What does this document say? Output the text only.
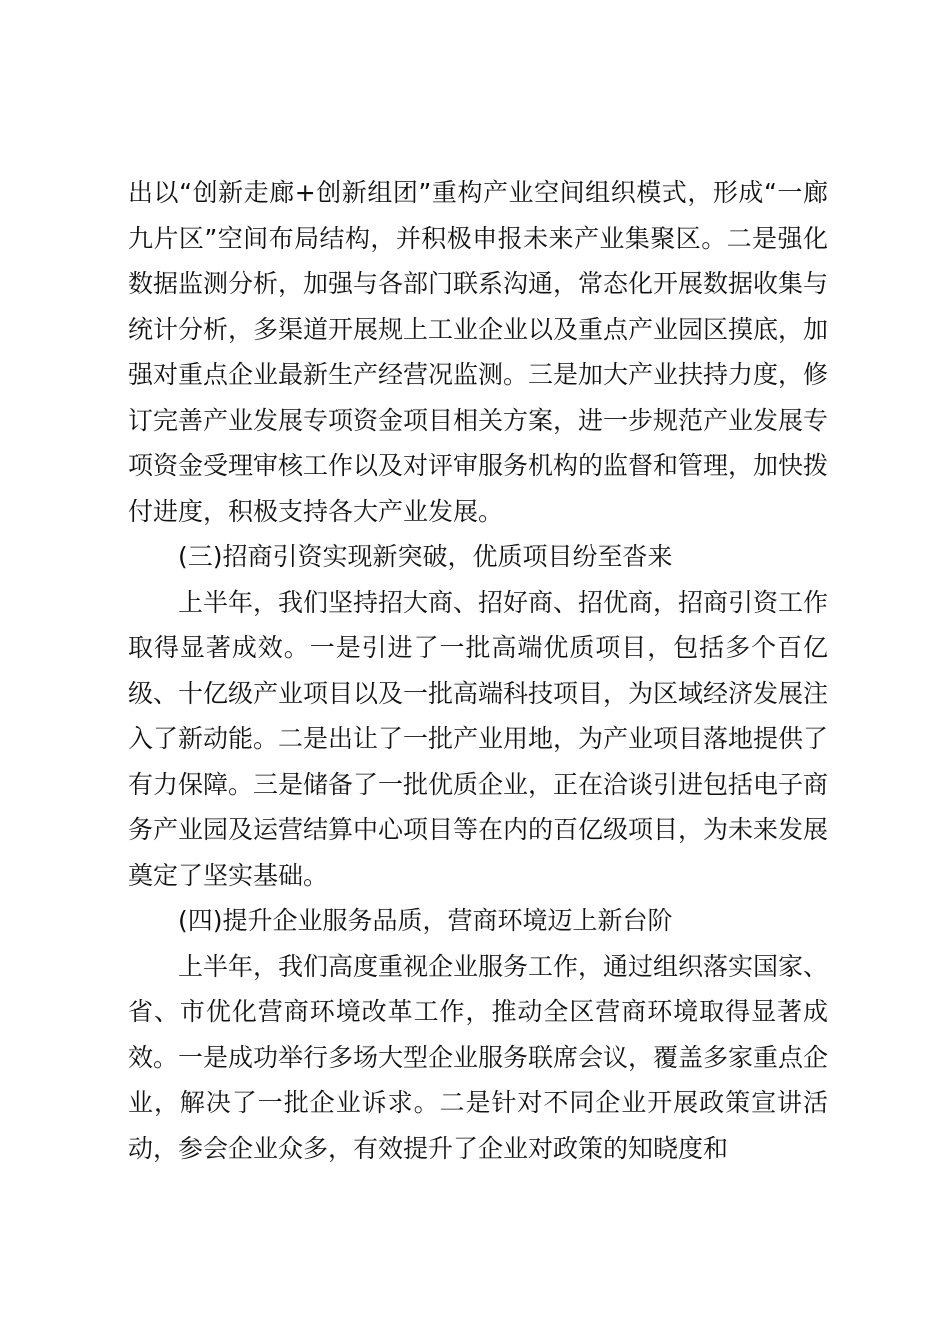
出以“创新走廊+创新组团”重构产业空间组织模式，形成“一廊九片区”空间布局结构，并积极申报未来产业集聚区。二是强化数据监测分析，加强与各部门联系沟通，常态化开展数据收集与统计分析，多渠道开展规上工业企业以及重点产业园区摸底，加强对重点企业最新生产经营况监测。三是加大产业扶持力度，修订完善产业发展专项资金项目相关方案，进一步规范产业发展专项资金受理审核工作以及对评审服务机构的监督和管理，加快拨付进度，积极支持各大产业发展。

(三)招商引资实现新突破，优质项目纷至沓来

上半年，我们坚持招大商、招好商、招优商，招商引资工作取得显著成效。一是引进了一批高端优质项目，包括多个百亿级、十亿级产业项目以及一批高端科技项目，为区域经济发展注入了新动能。二是出让了一批产业用地，为产业项目落地提供了有力保障。三是储备了一批优质企业，正在洽谈引进包括电子商务产业园及运营结算中心项目等在内的百亿级项目，为未来发展奠定了坚实基础。

(四)提升企业服务品质，营商环境迈上新台阶

上半年，我们高度重视企业服务工作，通过组织落实国家、省、市优化营商环境改革工作，推动全区营商环境取得显著成效。一是成功举行多场大型企业服务联席会议，覆盖多家重点企业，解决了一批企业诉求。二是针对不同企业开展政策宣讲活动，参会企业众多，有效提升了企业对政策的知晓度和
